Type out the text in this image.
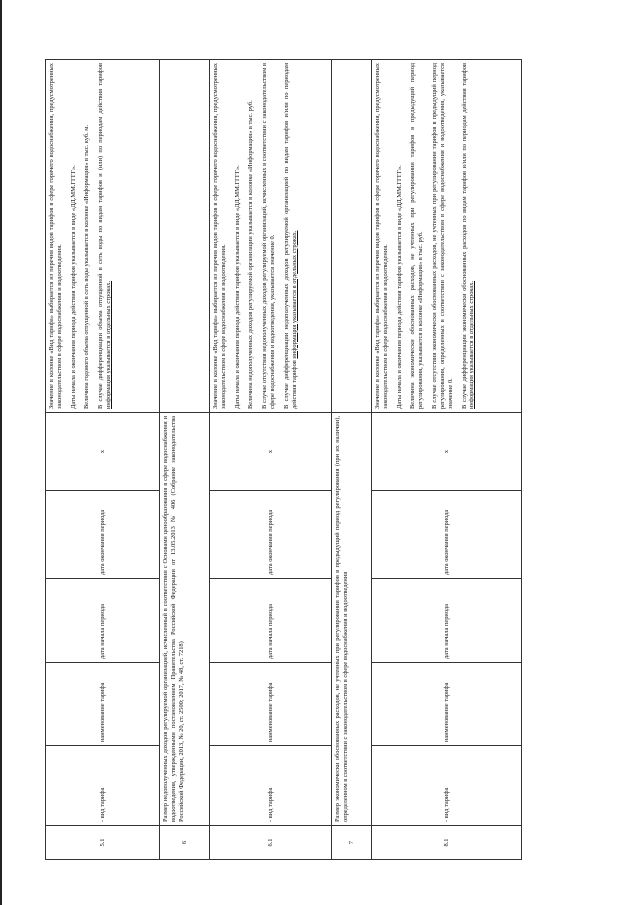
5.1	- вид тарифа	наименование тарифа	дата начала периода	дата окончания периода	x	Значение в колонке «Вид тарифа» выбирается из перечня видов тарифов в сфере горячего водоснабжения, предусмотренных законодательством в сфере водоснабжения и водоотведения. Даты начала и окончания периода действия тарифов указывается в виде «ДД.ММ.ГГГГ». Величина годового объема отпущенной в сеть воды указывается в колонке «Информация» в тыс. куб. м. В случае дифференциации объема отпущенной в сеть воды по видам тарифов и (или) по периодам действия тарифов информация указывается в отдельных строках.

6	Размер недополученных доходов регулируемой организацией, исчисленный в соответствии с Основами ценообразования в сфере водоснабжения и водоотведения, утвержденными постановлением Правительства Российской Федерации от 13.05.2013 № 406 (Собрание законодательства Российской Федерации, 2013, № 20, ст. 2500; 2017, № 48, ст. 7218)					
6.1	- вид тарифа	наименование тарифа	дата начала периода	дата окончания периода	x	Значение в колонке «Вид тарифа» выбирается из перечня видов тарифов в сфере горячего водоснабжения, предусмотренных законодательством в сфере водоснабжения и водоотведения. Даты начала и окончания периода действия тарифов указывается в виде «ДД.ММ.ГГГГ». Величина недополученных доходов регулируемой организации указывается в колонке «Информация» в тыс. руб. В случае отсутствия недополученных доходов регулируемой организаций, исчисленных в соответствии с законодательством в сфере водоснабжения и водоотведения, указывается значение 0. В случае дифференциации недополученных доходов регулируемой организацией по видам тарифов и/или по периодам действия тарифов информация указывается в отдельных строках.

7	Размер экономически обоснованных расходов, не учтенных при регулировании тарифов в предыдущий период регулирования (при их наличии), определенном в соответствии с законодательством в сфере водоснабжения и водоотведения					
8.1	- вид тарифа	наименование тарифа	дата начала периода	дата окончания периода	x	Значение в колонке «Вид тарифа» выбирается из перечня видов тарифов в сфере горячего водоснабжения, предусмотренных законодательством в сфере водоснабжения и водоотведения. Даты начала и окончания периода действия тарифов указывается в виде «ДД.ММ.ГГГГ». Величина экономически обоснованных расходов, не учтенных при регулировании тарифов в предыдущий период регулирования, указывается в колонке «Информация» в тыс. руб. В случае отсутствия экономически обоснованных расходов, не учтенных при регулировании тарифов в предыдущий период регулирования, определенных в соответствии с законодательством в сфере водоснабжения и водоотведения, указывается значение 0. В случае дифференциации экономически обоснованных расходов по видам тарифов и/или по периодам действия тарифов информация указывается в отдельных строках.
